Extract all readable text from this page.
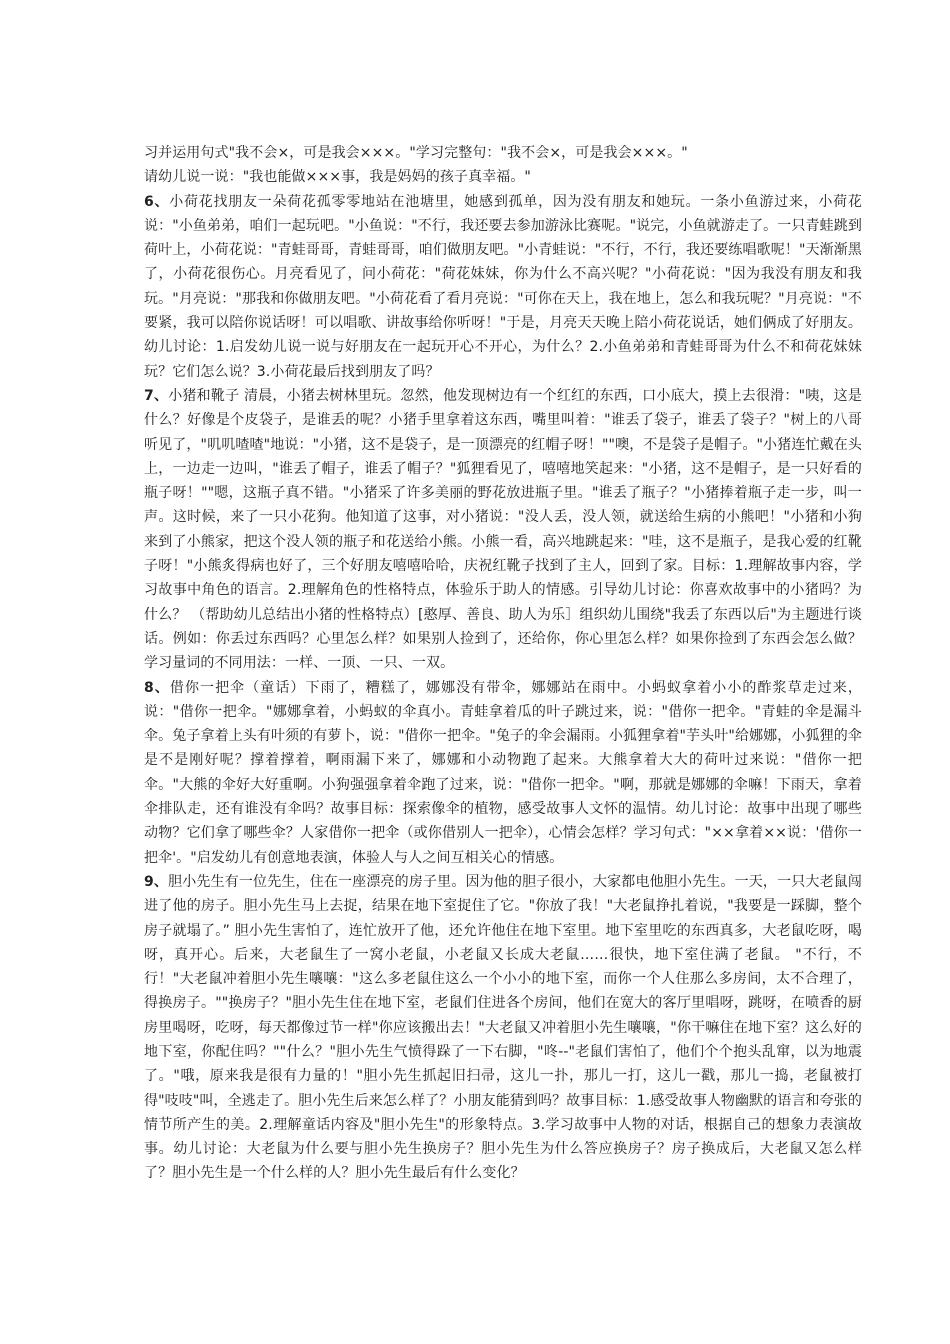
习并运用句式"我不会×，可是我会×××。"学习完整句："我不会×，可是我会×××。"

请幼儿说一说："我也能做×××事，我是妈妈的孩子真幸福。"

6、小荷花找朋友一朵荷花孤零零地站在池塘里，她感到孤单，因为没有朋友和她玩。一条小鱼游过来，小荷花说："小鱼弟弟，咱们一起玩吧。"小鱼说："不行，我还要去参加游泳比赛呢。"说完，小鱼就游走了。一只青蛙跳到荷叶上，小荷花说："青蛙哥哥，青蛙哥哥，咱们做朋友吧。"小青蛙说："不行，不行，我还要练唱歌呢！"天渐渐黑了，小荷花很伤心。月亮看见了，问小荷花："荷花妹妹，你为什么不高兴呢？"小荷花说："因为我没有朋友和我玩。"月亮说："那我和你做朋友吧。"小荷花看了看月亮说："可你在天上，我在地上，怎么和我玩呢？"月亮说："不要紧，我可以陪你说话呀！可以唱歌、讲故事给你听呀！"于是，月亮天天晚上陪小荷花说话，她们俩成了好朋友。幼儿讨论：1.启发幼儿说一说与好朋友在一起玩开心不开心，为什么？2.小鱼弟弟和青蛙哥哥为什么不和荷花妹妹玩？它们怎么说？3.小荷花最后找到朋友了吗？

7、小猪和靴子 清晨，小猪去树林里玩。忽然，他发现树边有一个红红的东西，口小底大，摸上去很滑："咦，这是什么？好像是个皮袋子，是谁丢的呢？小猪手里拿着这东西，嘴里叫着："谁丢了袋子，谁丢了袋子？"树上的八哥听见了，"叽叽喳喳"地说："小猪，这不是袋子，是一顶漂亮的红帽子呀！""噢，不是袋子是帽子。"小猪连忙戴在头上，一边走一边叫，"谁丢了帽子，谁丢了帽子？"狐狸看见了，嘻嘻地笑起来："小猪，这不是帽子，是一只好看的瓶子呀！""嗯，这瓶子真不错。"小猪采了许多美丽的野花放进瓶子里。"谁丢了瓶子？"小猪捧着瓶子走一步，叫一声。这时候，来了一只小花狗。他知道了这事，对小猪说："没人丢，没人领，就送给生病的小熊吧！"小猪和小狗来到了小熊家，把这个没人领的瓶子和花送给小熊。小熊一看，高兴地跳起来："哇，这不是瓶子，是我心爱的红靴子呀！"小熊炙得病也好了，三个好朋友嘻嘻哈哈，庆祝红靴子找到了主人，回到了家。目标：1.理解故事内容，学习故事中角色的语言。2.理解角色的性格特点，体验乐于助人的情感。引导幼儿讨论：你喜欢故事中的小猪吗？为什么？ （帮助幼儿总结出小猪的性格特点）[憨厚、善良、助人为乐］组织幼儿围绕"我丢了东西以后"为主题进行谈话。例如：你丢过东西吗？心里怎么样？如果别人捡到了，还给你，你心里怎么样？如果你捡到了东西会怎么做？学习量词的不同用法：一样、一顶、一只、一双。

8、借你一把伞（童话）下雨了，糟糕了，娜娜没有带伞，娜娜站在雨中。小蚂蚁拿着小小的酢浆草走过来，说："借你一把伞。"娜娜拿着，小蚂蚁的伞真小。青蛙拿着瓜的叶子跳过来，说："借你一把伞。"青蛙的伞是漏斗伞。兔子拿着上头有叶须的有萝卜，说："借你一把伞。"兔子的伞会漏雨。小狐狸拿着"芋头叶"给娜娜，小狐狸的伞是不是刚好呢？撑着撑着，啊雨漏下来了，娜娜和小动物跑了起来。大熊拿着大大的荷叶过来说："借你一把伞。"大熊的伞好大好重啊。小狗强强拿着伞跑了过来，说："借你一把伞。"啊，那就是娜娜的伞嘛！下雨天，拿着伞排队走，还有谁没有伞吗？故事目标：探索像伞的植物，感受故事人文怀的温情。幼儿讨论：故事中出现了哪些动物？它们拿了哪些伞？人家借你一把伞（或你借别人一把伞），心情会怎样？学习句式："××拿着××说：'借你一把伞'。"启发幼儿有创意地表演，体验人与人之间互相关心的情感。

9、胆小先生有一位先生，住在一座漂亮的房子里。因为他的胆子很小，大家都电他胆小先生。一天，一只大老鼠闯进了他的房子。胆小先生马上去捉，结果在地下室捉住了它。"你放了我！"大老鼠挣扎着说，"我要是一踩脚，整个房子就塌了。” 胆小先生害怕了，连忙放开了他，还允许他住在地下室里。地下室里吃的东西真多，大老鼠吃呀，喝呀，真开心。后来，大老鼠生了一窝小老鼠，小老鼠又长成大老鼠……很快，地下室住满了老鼠。 "不行，不行！"大老鼠冲着胆小先生嚷嚷："这么多老鼠住这么一个小小的地下室，而你一个人住那么多房间，太不合理了，得换房子。""换房子？"胆小先生住在地下室，老鼠们住进各个房间，他们在宽大的客厅里唱呀，跳呀，在喷香的厨房里喝呀，吃呀，每天都像过节一样"你应该搬出去！"大老鼠又冲着胆小先生嚷嚷，"你干嘛住在地下室？这么好的地下室，你配住吗？""什么？"胆小先生气愤得跺了一下右脚，"咚--"老鼠们害怕了，他们个个抱头乱窜，以为地震了。"哦，原来我是很有力量的！"胆小先生抓起旧扫帚，这儿一扑，那儿一打，这儿一戳，那儿一捣，老鼠被打得"吱吱"叫，全逃走了。胆小先生后来怎么样了？小朋友能猜到吗？故事目标：1.感受故事人物幽默的语言和夸张的情节所产生的美。2.理解童话内容及"胆小先生"的形象特点。3.学习故事中人物的对话，根据自己的想象力表演故事。幼儿讨论：大老鼠为什么要与胆小先生换房子？胆小先生为什么答应换房子？房子换成后，大老鼠又怎么样了？胆小先生是一个什么样的人？胆小先生最后有什么变化？
